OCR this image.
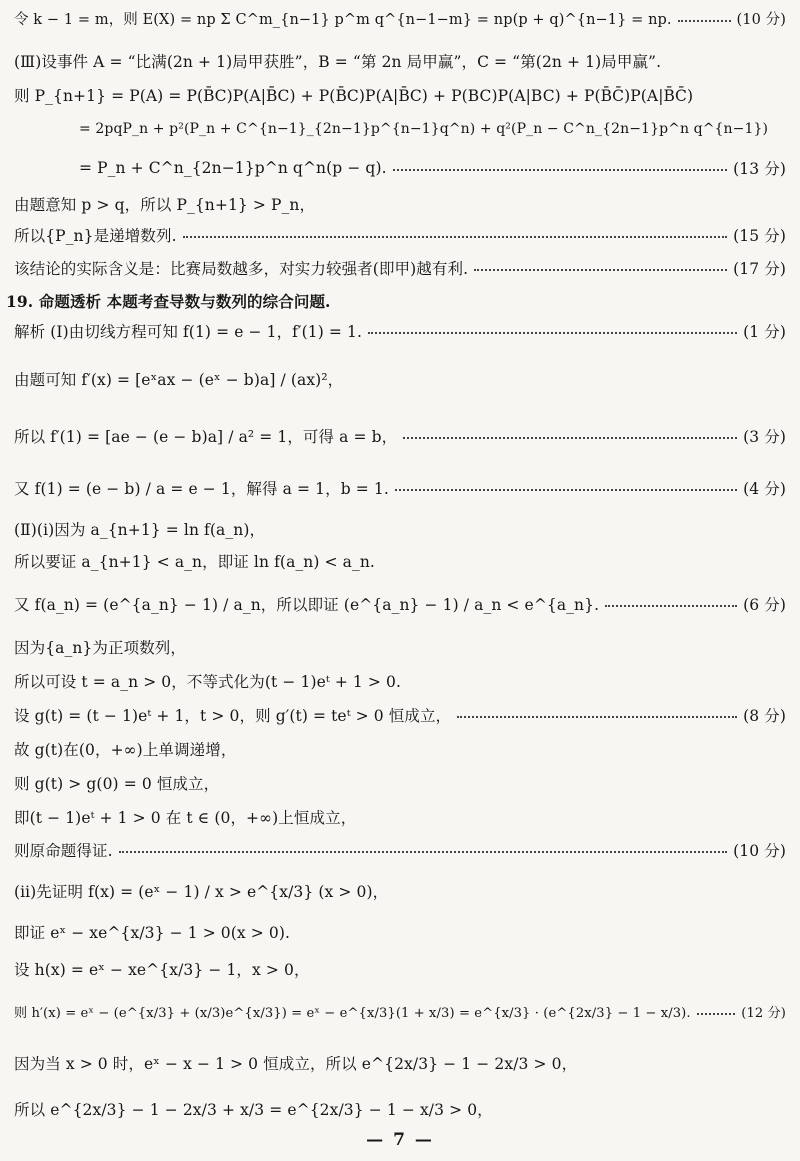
令 k − 1 = m，则 E(X) = np Σ C^m_{n−1} p^m q^{n−1−m} = np(p + q)^{n−1} = np.	(10 分)
(Ⅲ)设事件 A = “比满(2n + 1)局甲获胜”，B = “第 2n 局甲赢”，C = “第(2n + 1)局甲赢”.
则 P_{n+1} = P(A) = P(B̄C)P(A|B̄C) + P(B̄C)P(A|B̄C) + P(BC)P(A|BC) + P(B̄C̄)P(A|B̄C̄)
= 2pqP_n + p²(P_n + C^{n−1}_{2n−1}p^{n−1}q^n) + q²(P_n − C^n_{2n−1}p^n q^{n−1})
= P_n + C^n_{2n−1}p^n q^n(p − q).	(13 分)
由题意知 p > q，所以 P_{n+1} > P_n，
所以{P_n}是递增数列.	(15 分)
该结论的实际含义是：比赛局数越多，对实力较强者(即甲)越有利.	(17 分)
19. 命题透析 本题考查导数与数列的综合问题.
解析 (Ⅰ)由切线方程可知 f(1) = e − 1，f′(1) = 1.	(1 分)
由题可知 f′(x) = [eˣax − (eˣ − b)a] / (ax)²，
所以 f′(1) = [ae − (e − b)a] / a² = 1，可得 a = b，	(3 分)
又 f(1) = (e − b) / a = e − 1，解得 a = 1，b = 1.	(4 分)
(Ⅱ)(ⅰ)因为 a_{n+1} = ln f(a_n)，
所以要证 a_{n+1} < a_n，即证 ln f(a_n) < a_n.
又 f(a_n) = (e^{a_n} − 1) / a_n，所以即证 (e^{a_n} − 1) / a_n < e^{a_n}.	(6 分)
因为{a_n}为正项数列，
所以可设 t = a_n > 0，不等式化为(t − 1)eᵗ + 1 > 0.
设 g(t) = (t − 1)eᵗ + 1，t > 0，则 g′(t) = teᵗ > 0 恒成立，	(8 分)
故 g(t)在(0，+∞)上单调递增，
则 g(t) > g(0) = 0 恒成立，
即(t − 1)eᵗ + 1 > 0 在 t ∈ (0，+∞)上恒成立，
则原命题得证.	(10 分)
(ⅱ)先证明 f(x) = (eˣ − 1) / x > e^{x/3} (x > 0)，
即证 eˣ − xe^{x/3} − 1 > 0(x > 0).
设 h(x) = eˣ − xe^{x/3} − 1，x > 0，
则 h′(x) = eˣ − (e^{x/3} + (x/3)e^{x/3}) = eˣ − e^{x/3}(1 + x/3) = e^{x/3} · (e^{2x/3} − 1 − x/3).	(12 分)
因为当 x > 0 时，eˣ − x − 1 > 0 恒成立，所以 e^{2x/3} − 1 − 2x/3 > 0，
所以 e^{2x/3} − 1 − 2x/3 + x/3 = e^{2x/3} − 1 − x/3 > 0，
— 7 —
